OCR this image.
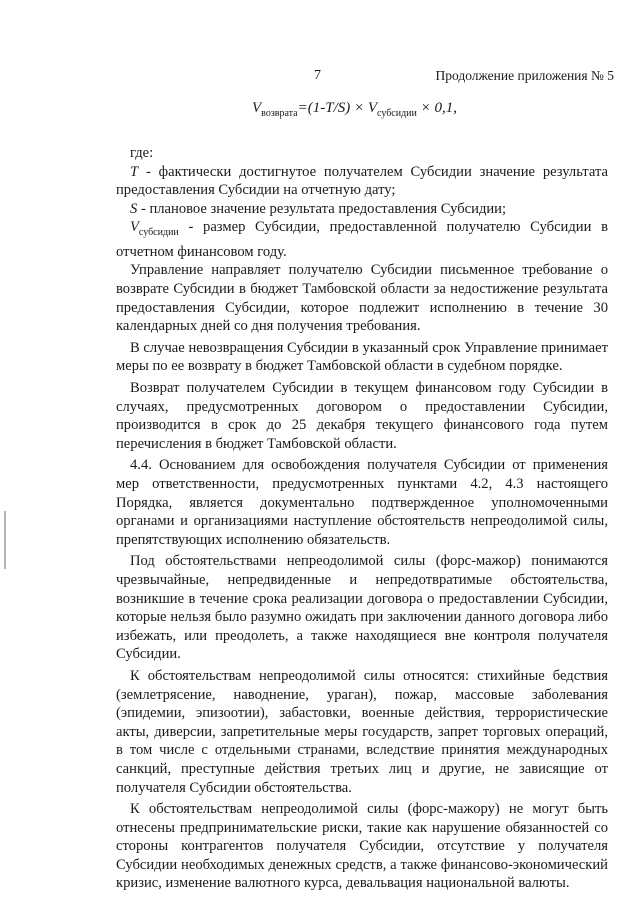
7	Продолжение приложения № 5
$V_{возврата}=(1-T/S) \times V_{субсидии} \times 0,1$,

где:

T - фактически достигнутое получателем Субсидии значение результата предоставления Субсидии на отчетную дату;

S - плановое значение результата предоставления Субсидии;

$V_{субсидии}$ - размер Субсидии, предоставленной получателю Субсидии в отчетном финансовом году.

Управление направляет получателю Субсидии письменное требование о возврате Субсидии в бюджет Тамбовской области за недостижение результата предоставления Субсидии, которое подлежит исполнению в течение 30 календарных дней со дня получения требования.

В случае невозвращения Субсидии в указанный срок Управление принимает меры по ее возврату в бюджет Тамбовской области в судебном порядке.

Возврат получателем Субсидии в текущем финансовом году Субсидии в случаях, предусмотренных договором о предоставлении Субсидии, производится в срок до 25 декабря текущего финансового года путем перечисления в бюджет Тамбовской области.

4.4. Основанием для освобождения получателя Субсидии от применения мер ответственности, предусмотренных пунктами 4.2, 4.3 настоящего Порядка, является документально подтвержденное уполномоченными органами и организациями наступление обстоятельств непреодолимой силы, препятствующих исполнению обязательств.

Под обстоятельствами непреодолимой силы (форс-мажор) понимаются чрезвычайные, непредвиденные и непредотвратимые обстоятельства, возникшие в течение срока реализации договора о предоставлении Субсидии, которые нельзя было разумно ожидать при заключении данного договора либо избежать, или преодолеть, а также находящиеся вне контроля получателя Субсидии.

К обстоятельствам непреодолимой силы относятся: стихийные бедствия (землетрясение, наводнение, ураган), пожар, массовые заболевания (эпидемии, эпизоотии), забастовки, военные действия, террористические акты, диверсии, запретительные меры государств, запрет торговых операций, в том числе с отдельными странами, вследствие принятия международных санкций, преступные действия третьих лиц и другие, не зависящие от получателя Субсидии обстоятельства.

К обстоятельствам непреодолимой силы (форс-мажору) не могут быть отнесены предпринимательские риски, такие как нарушение обязанностей со стороны контрагентов получателя Субсидии, отсутствие у получателя Субсидии необходимых денежных средств, а также финансово-экономический кризис, изменение валютного курса, девальвация национальной валюты.
